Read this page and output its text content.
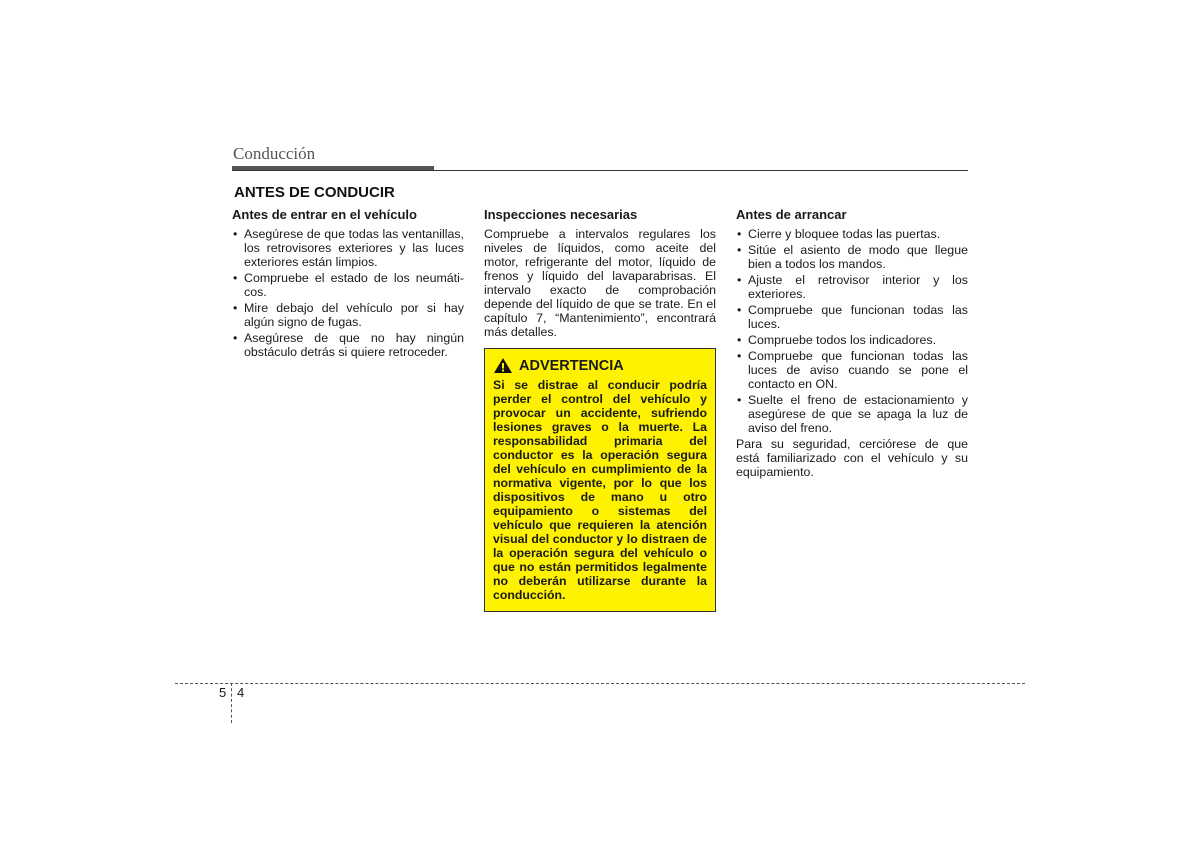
Conducción
ANTES DE CONDUCIR
Antes de entrar en el vehículo
• Asegúrese de que todas las ventanillas, los retrovisores exteriores y las luces exteriores están limpios.
• Compruebe el estado de los neumáti-cos.
• Mire debajo del vehículo por si hay algún signo de fugas.
• Asegúrese de que no hay ningún obstáculo detrás si quiere retroceder.
Inspecciones necesarias

Compruebe a intervalos regulares los niveles de líquidos, como aceite del motor, refrigerante del motor, líquido de frenos y líquido del lavaparabrisas. El intervalo exacto de comprobación depende del líquido de que se trate. En el capítulo 7, “Mantenimiento”, encontrará más detalles.

ADVERTENCIA

Si se distrae al conducir podría perder el control del vehículo y provocar un accidente, sufriendo lesiones graves o la muerte. La responsabilidad primaria del conductor es la operación segura del vehículo en cumplimiento de la normativa vigente, por lo que los dispositivos de mano u otro equipamiento o sistemas del vehículo que requieren la atención visual del conductor y lo distraen de la operación segura del vehículo o que no están permitidos legalmente no deberán utilizarse durante la conducción.

Antes de arrancar
• Cierre y bloquee todas las puertas.
• Sitúe el asiento de modo que llegue bien a todos los mandos.
• Ajuste el retrovisor interior y los exteriores.
• Compruebe que funcionan todas las luces.
• Compruebe todos los indicadores.
• Compruebe que funcionan todas las luces de aviso cuando se pone el contacto en ON.
• Suelte el freno de estacionamiento y asegúrese de que se apaga la luz de aviso del freno.

Para su seguridad, cerciórese de que está familiarizado con el vehículo y su equipamiento.

5 4
